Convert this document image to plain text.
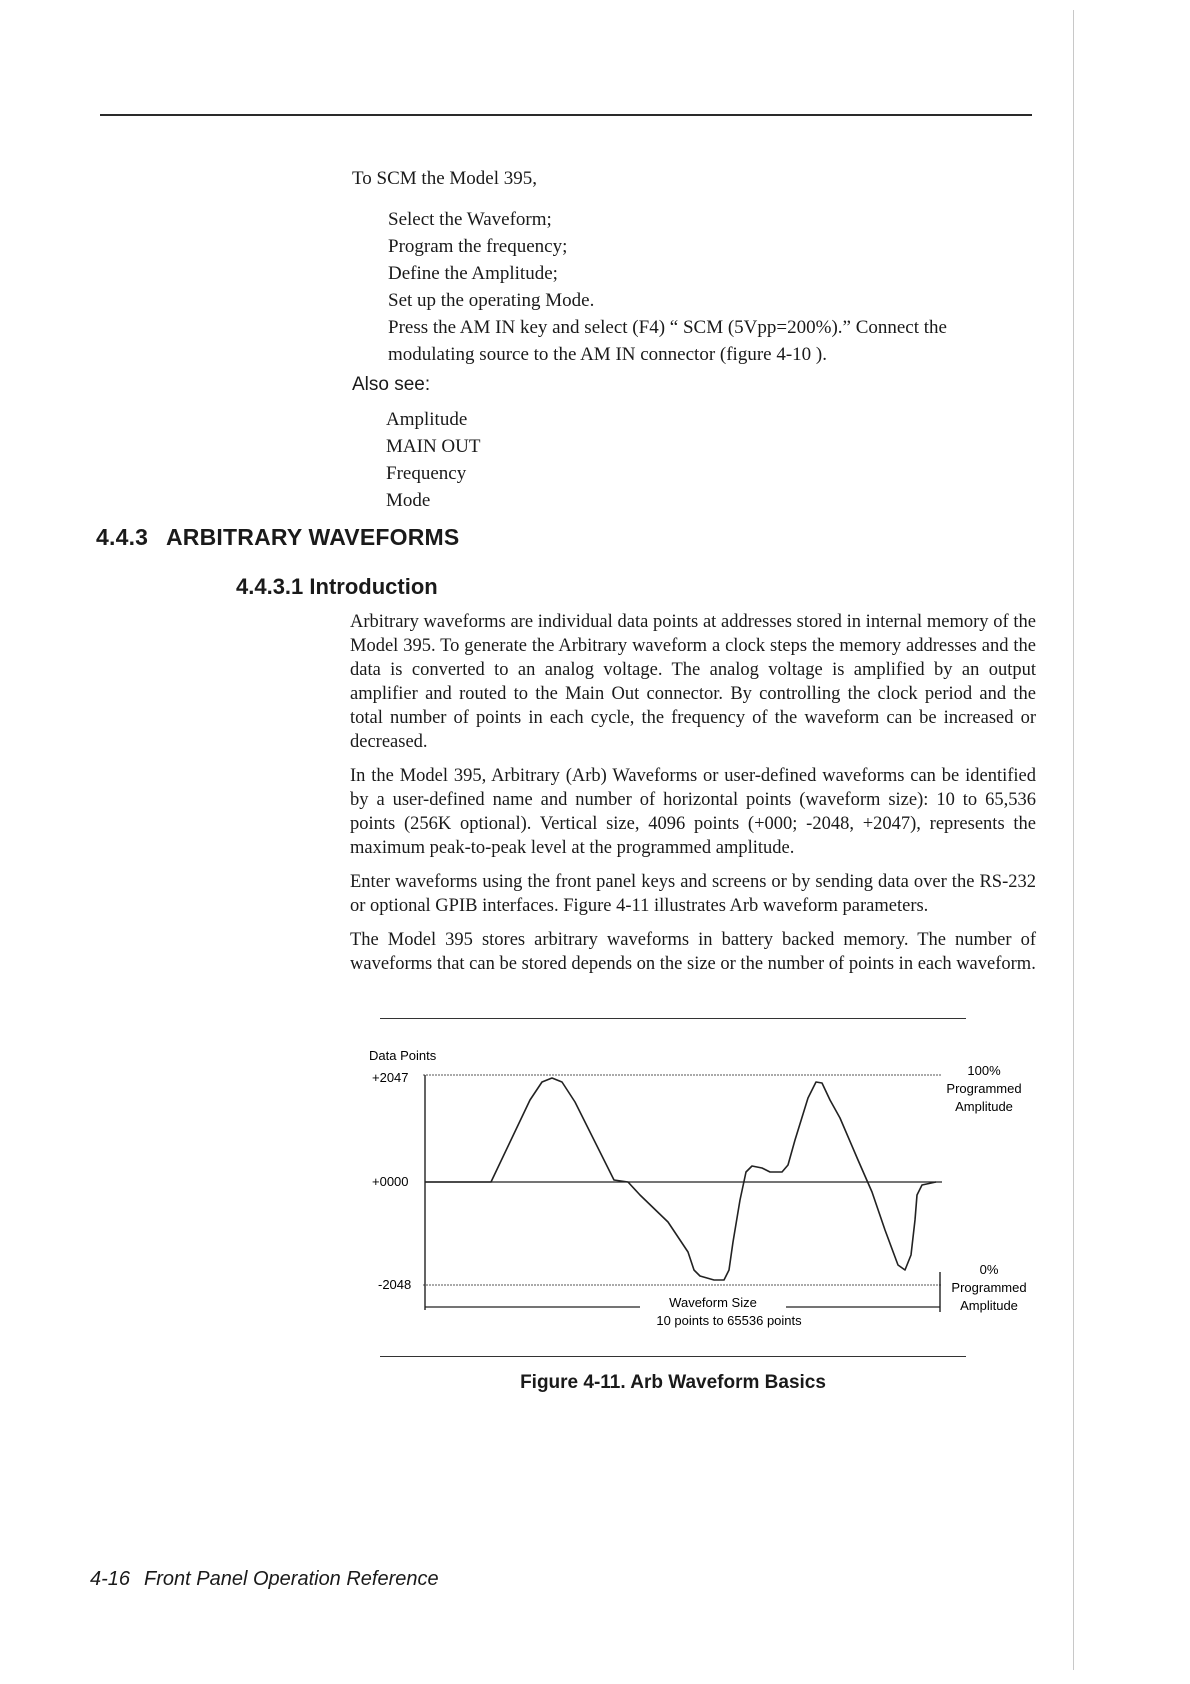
To SCM the Model 395,
Select the Waveform;
Program the frequency;
Define the Amplitude;
Set up the operating Mode.
Press the AM IN key and select (F4) “ SCM (5Vpp=200%).” Connect the modulating source to the AM IN connector (figure 4-10 ).
Also see:
Amplitude
MAIN OUT
Frequency
Mode
4.4.3 ARBITRARY WAVEFORMS
4.4.3.1 Introduction

Arbitrary waveforms are individual data points at addresses stored in internal memory of the Model 395. To generate the Arbitrary waveform a clock steps the memory addresses and the data is converted to an analog voltage. The analog voltage is amplified by an output amplifier and routed to the Main Out connector. By controlling the clock period and the total number of points in each cycle, the frequency of the waveform can be increased or decreased.

In the Model 395, Arbitrary (Arb) Waveforms or user-defined waveforms can be identified by a user-defined name and number of horizontal points (waveform size): 10 to 65,536 points (256K optional). Vertical size, 4096 points (+000; -2048, +2047), represents the maximum peak-to-peak level at the programmed amplitude.

Enter waveforms using the front panel keys and screens or by sending data over the RS-232 or optional GPIB interfaces. Figure 4-11 illustrates Arb waveform parameters.

The Model 395 stores arbitrary waveforms in battery backed memory. The number of waveforms that can be stored depends on the size or the number of points in each waveform.

Data Points
+2047
+0000
-2048
100%
Programmed
Amplitude
0%
Programmed
Amplitude
Waveform Size
10 points to 65536 points
Figure 4-11. Arb Waveform Basics
4-16 Front Panel Operation Reference
